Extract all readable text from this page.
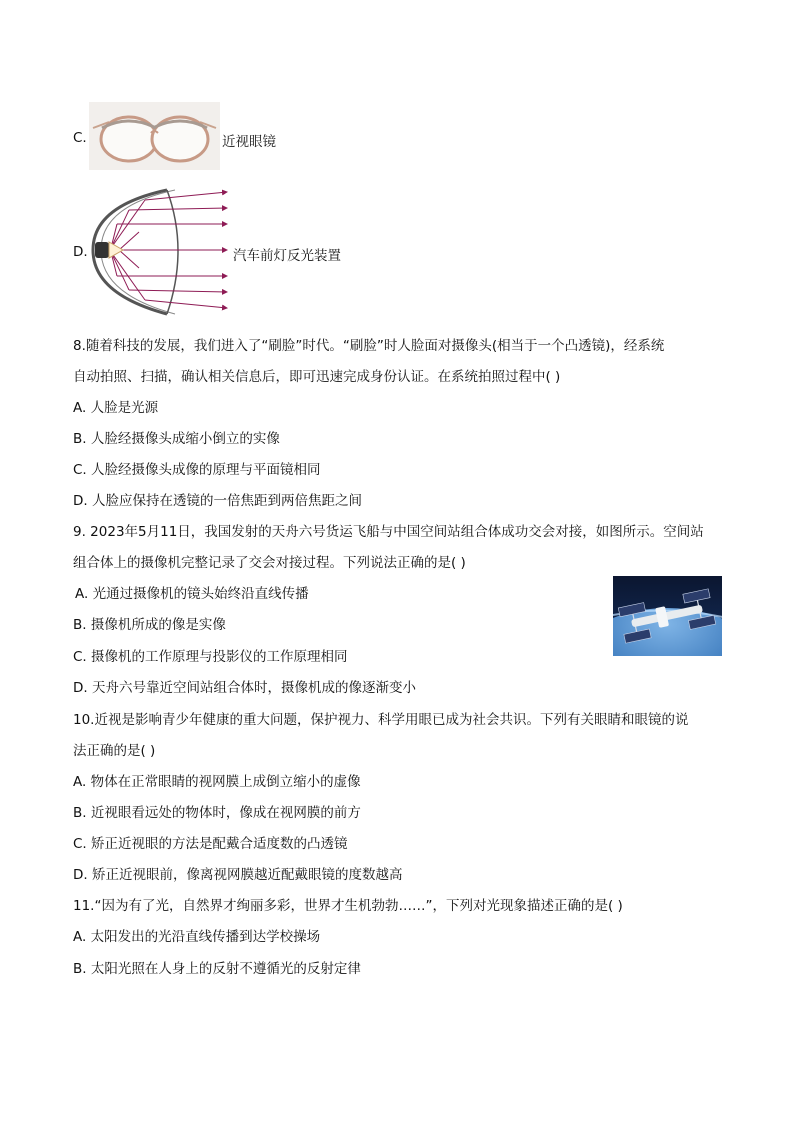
C.	近视眼镜
D.	汽车前灯反光装置
8.随着科技的发展，我们进入了“刷脸”时代。“刷脸”时人脸面对摄像头(相当于一个凸透镜)，经系统
自动拍照、扫描，确认相关信息后，即可迅速完成身份认证。在系统拍照过程中( )
A. 人脸是光源
B. 人脸经摄像头成缩小倒立的实像
C. 人脸经摄像头成像的原理与平面镜相同
D. 人脸应保持在透镜的一倍焦距到两倍焦距之间
9. 2023年5月11日，我国发射的天舟六号货运飞船与中国空间站组合体成功交会对接，如图所示。空间站
组合体上的摄像机完整记录了交会对接过程。下列说法正确的是( )
A. 光通过摄像机的镜头始终沿直线传播
B. 摄像机所成的像是实像
C. 摄像机的工作原理与投影仪的工作原理相同
D. 天舟六号靠近空间站组合体时，摄像机成的像逐渐变小
10.近视是影响青少年健康的重大问题，保护视力、科学用眼已成为社会共识。下列有关眼睛和眼镜的说
法正确的是( )
A. 物体在正常眼睛的视网膜上成倒立缩小的虚像
B. 近视眼看远处的物体时，像成在视网膜的前方
C. 矫正近视眼的方法是配戴合适度数的凸透镜
D. 矫正近视眼前，像离视网膜越近配戴眼镜的度数越高
11.“因为有了光，自然界才绚丽多彩，世界才生机勃勃……”，下列对光现象描述正确的是( )
A. 太阳发出的光沿直线传播到达学校操场
B. 太阳光照在人身上的反射不遵循光的反射定律
